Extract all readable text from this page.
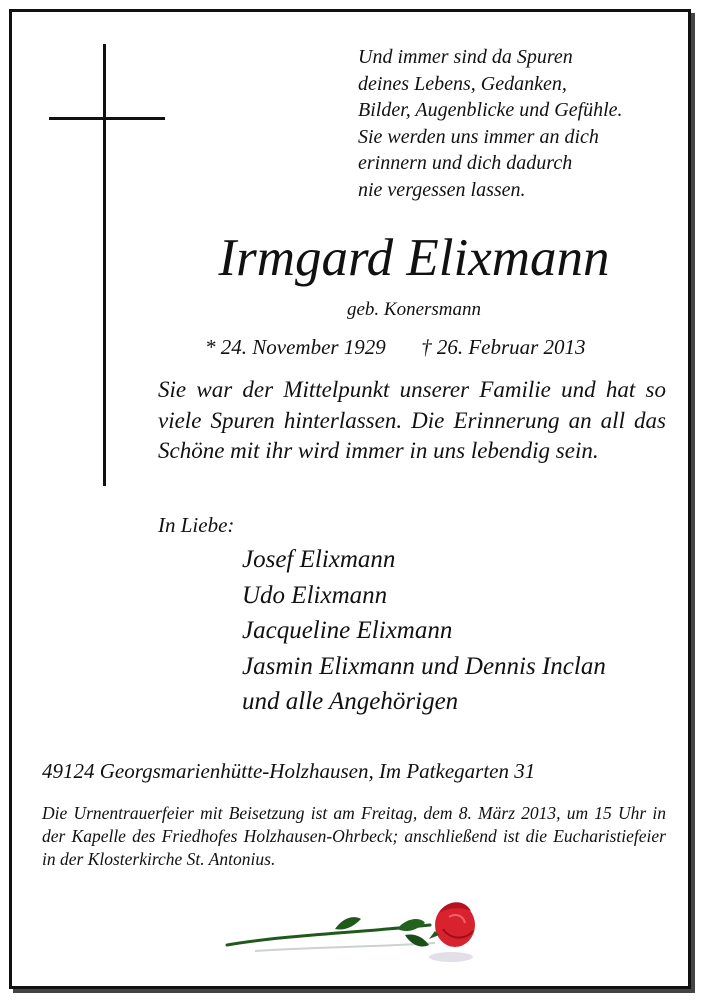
Und immer sind da Spuren
deines Lebens, Gedanken,
Bilder, Augenblicke und Gefühle.
Sie werden uns immer an dich
erinnern und dich dadurch
nie vergessen lassen.
Irmgard Elixmann
geb. Konersmann
* 24. November 1929 † 26. Februar 2013
Sie war der Mittelpunkt unserer Familie und hat so viele Spuren hinterlassen. Die Erinnerung an all das Schöne mit ihr wird immer in uns lebendig sein.
In Liebe:
Josef Elixmann
Udo Elixmann
Jacqueline Elixmann
Jasmin Elixmann und Dennis Inclan
und alle Angehörigen
49124 Georgsmarienhütte-Holzhausen, Im Patkegarten 31
Die Urnentrauerfeier mit Beisetzung ist am Freitag, dem 8. März 2013, um 15 Uhr in der Kapelle des Friedhofes Holzhausen-Ohrbeck; anschließend ist die Eucharistiefeier in der Klosterkirche St. Antonius.
